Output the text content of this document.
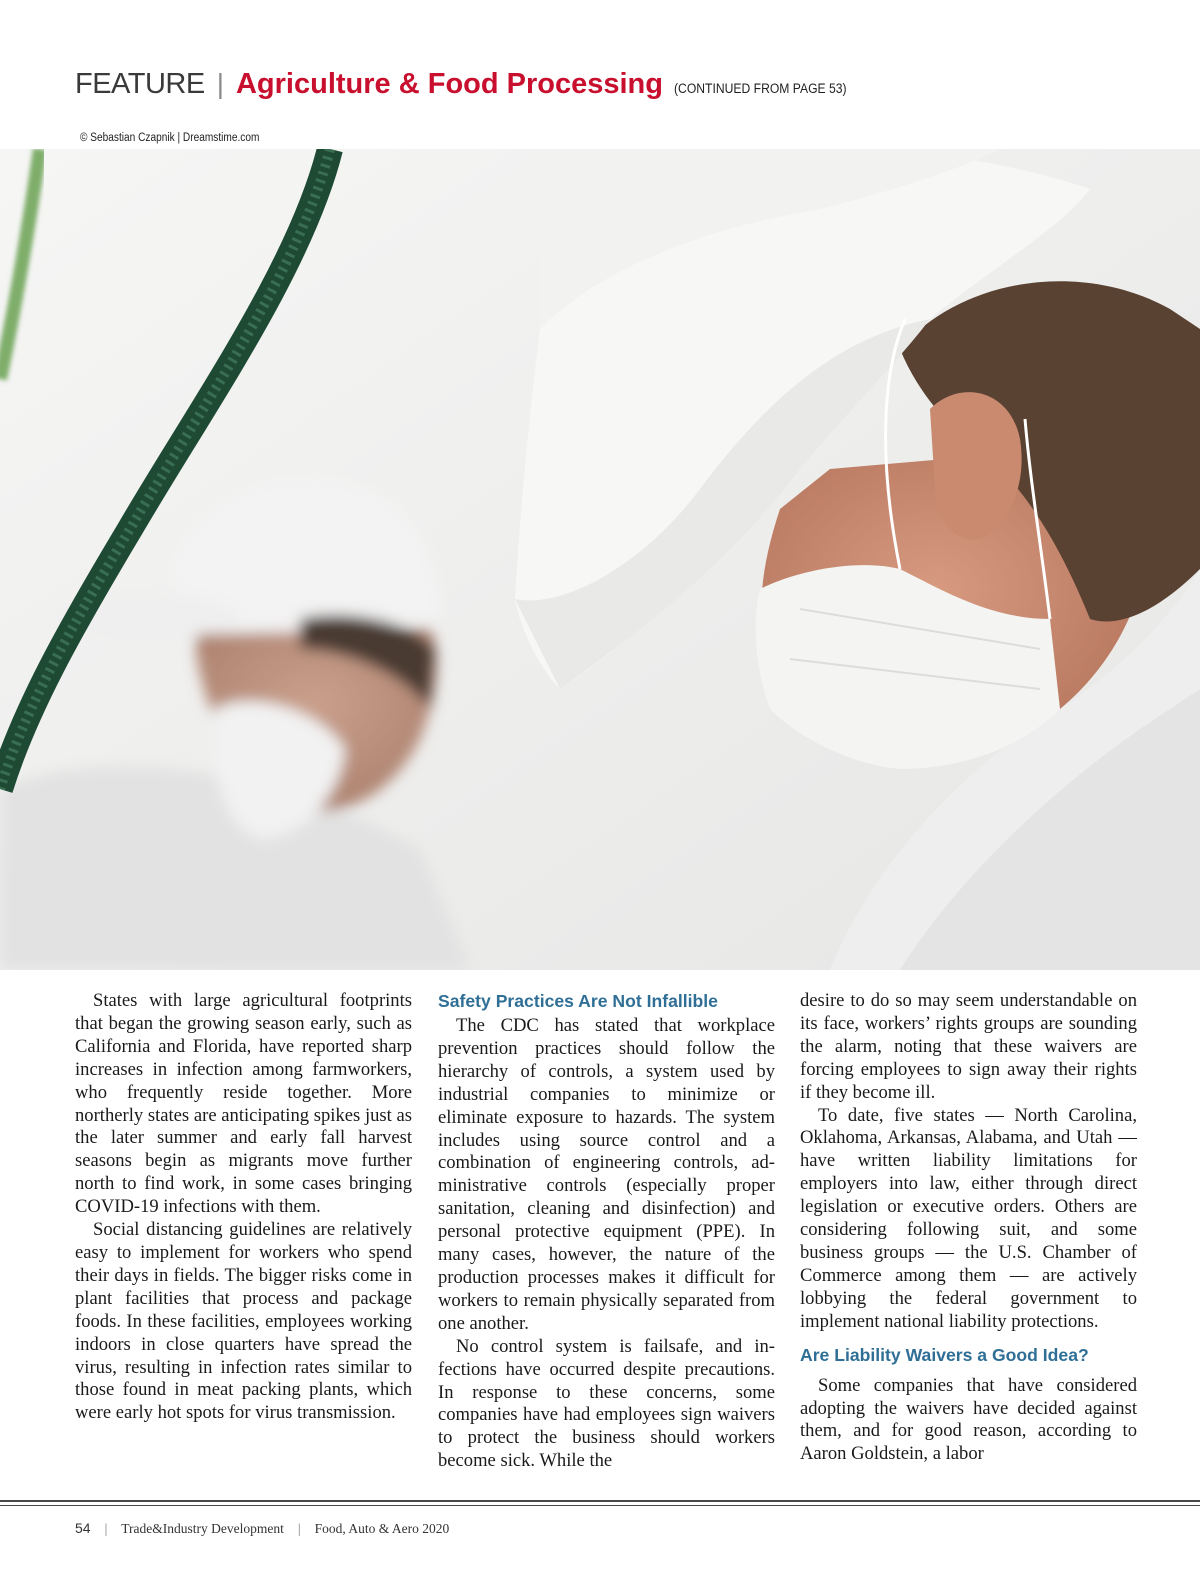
FEATURE | Agriculture & Food Processing (CONTINUED FROM PAGE 53)
© Sebastian Czapnik | Dreamstime.com

States with large agricultural footprints that began the growing season early, such as California and Florida, have reported sharp increases in infection among farmworkers, who frequently reside together. More northerly states are anticipating spikes just as the later summer and early fall harvest seasons begin as migrants move further north to find work, in some cases bringing COVID-19 infections with them.

Social distancing guidelines are relatively easy to implement for workers who spend their days in fields. The bigger risks come in plant facilities that process and package foods. In these facilities, employees working indoors in close quarters have spread the virus, resulting in infection rates similar to those found in meat packing plants, which were early hot spots for virus transmission.

Safety Practices Are Not Infallible

The CDC has stated that workplace prevention practices should follow the hierarchy of controls, a system used by industrial companies to minimize or eliminate exposure to hazards. The system includes using source control and a combination of engineering controls, administrative controls (especially proper sanitation, cleaning and disinfection) and personal protective equipment (PPE). In many cases, however, the nature of the production processes makes it difficult for workers to remain physically separated from one another.

No control system is failsafe, and infections have occurred despite precautions. In response to these concerns, some companies have had employees sign waivers to protect the business should workers become sick. While the

desire to do so may seem understandable on its face, workers’ rights groups are sounding the alarm, noting that these waivers are forcing employees to sign away their rights if they become ill.

To date, five states — North Carolina, Oklahoma, Arkansas, Alabama, and Utah — have written liability limitations for employers into law, either through direct legislation or executive orders. Others are considering following suit, and some business groups — the U.S. Chamber of Commerce among them — are actively lobbying the federal government to implement national liability protections.

Are Liability Waivers a Good Idea?

Some companies that have considered adopting the waivers have decided against them, and for good reason, according to Aaron Goldstein, a labor

54 | Trade&Industry Development | Food, Auto & Aero 2020
